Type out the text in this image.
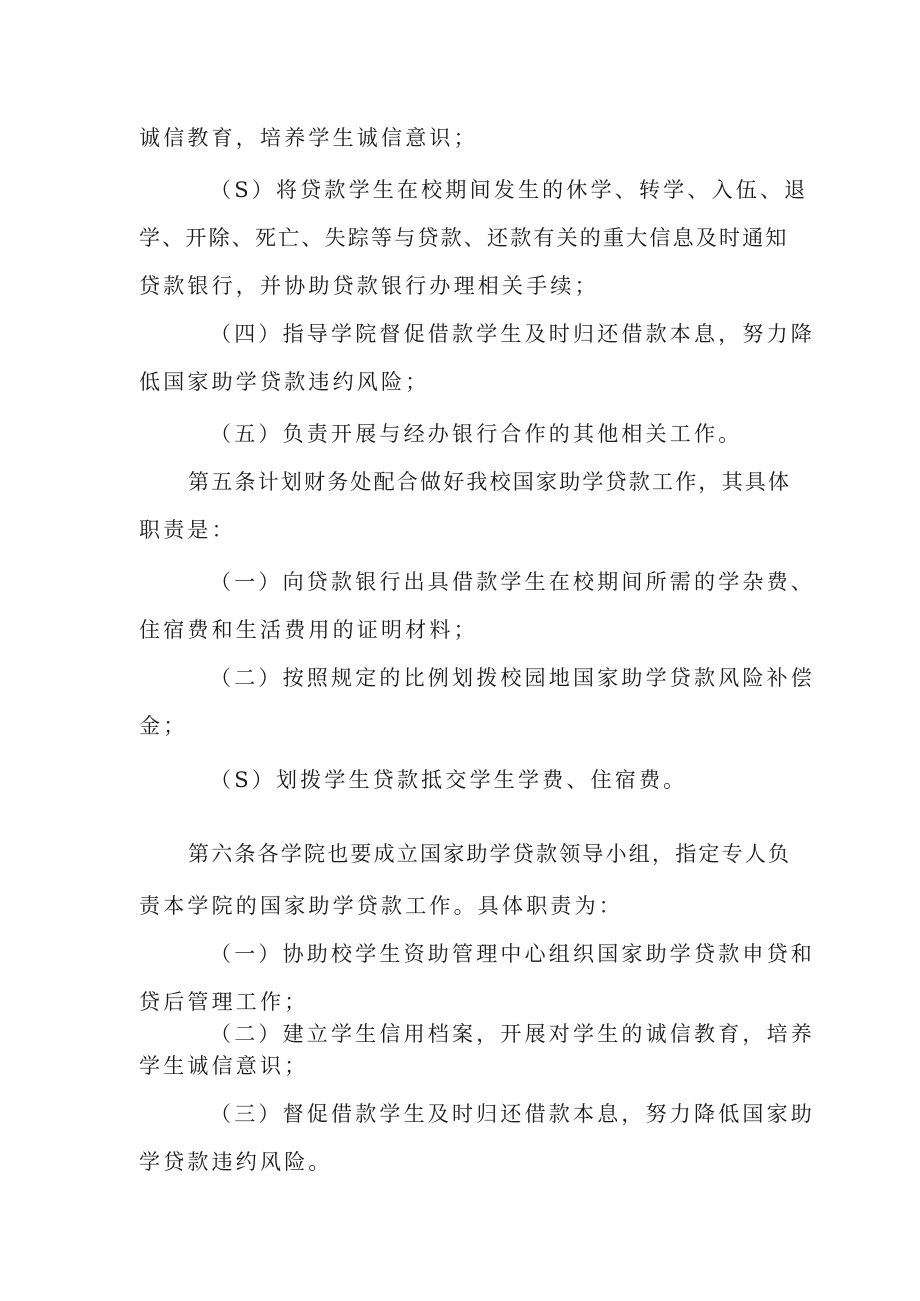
诚信教育，培养学生诚信意识；
（S）将贷款学生在校期间发生的休学、转学、入伍、退
学、开除、死亡、失踪等与贷款、还款有关的重大信息及时通知
贷款银行，并协助贷款银行办理相关手续；
（四）指导学院督促借款学生及时归还借款本息，努力降
低国家助学贷款违约风险；
（五）负责开展与经办银行合作的其他相关工作。
第五条计划财务处配合做好我校国家助学贷款工作，其具体
职责是：
（一）向贷款银行出具借款学生在校期间所需的学杂费、
住宿费和生活费用的证明材料；
（二）按照规定的比例划拨校园地国家助学贷款风险补偿
金；
（S）划拨学生贷款抵交学生学费、住宿费。
第六条各学院也要成立国家助学贷款领导小组，指定专人负
责本学院的国家助学贷款工作。具体职责为：
（一）协助校学生资助管理中心组织国家助学贷款申贷和
贷后管理工作；
（二）建立学生信用档案，开展对学生的诚信教育，培养
学生诚信意识；
（三）督促借款学生及时归还借款本息，努力降低国家助
学贷款违约风险。
